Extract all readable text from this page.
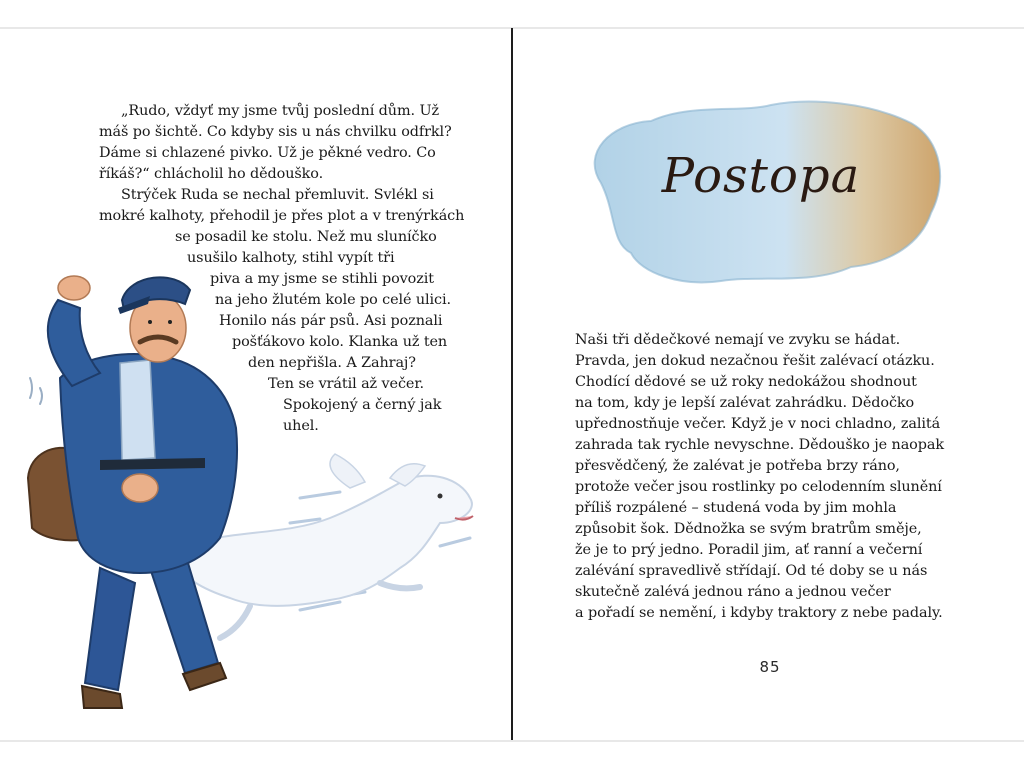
„Rudo, vždyť my jsme tvůj poslední dům. Už
máš po šichtě. Co kdyby sis u nás chvilku odfrkl?
Dáme si chlazené pivko. Už je pěkné vedro. Co
říkáš?“ chlácholil ho dědouško.
Strýček Ruda se nechal přemluvit. Svlékl si
mokré kalhoty, přehodil je přes plot a v trenýrkách
se posadil ke stolu. Než mu sluníčko
usušilo kalhoty, stihl vypít tři
piva a my jsme se stihli povozit
na jeho žlutém kole po celé ulici.
Honilo nás pár psů. Asi poznali
pošťákovo kolo. Klanka už ten
den nepřišla. A Zahraj?
Ten se vrátil až večer.
Spokojený a černý jak
uhel.
Postopa
Naši tři dědečkové nemají ve zvyku se hádat.
Pravda, jen dokud nezačnou řešit zalévací otázku.
Chodící dědové se už roky nedokážou shodnout
na tom, kdy je lepší zalévat zahrádku. Dědočko
upřednostňuje večer. Když je v noci chladno, zalitá
zahrada tak rychle nevyschne. Dědouško je naopak
přesvědčený, že zalévat je potřeba brzy ráno,
protože večer jsou rostlinky po celodenním slunění
příliš rozpálené – studená voda by jim mohla
způsobit šok. Dědnožka se svým bratrům směje,
že je to prý jedno. Poradil jim, ať ranní a večerní
zalévání spravedlivě střídají. Od té doby se u nás
skutečně zalévá jednou ráno a jednou večer
a pořadí se nemění, i kdyby traktory z nebe padaly.
85
